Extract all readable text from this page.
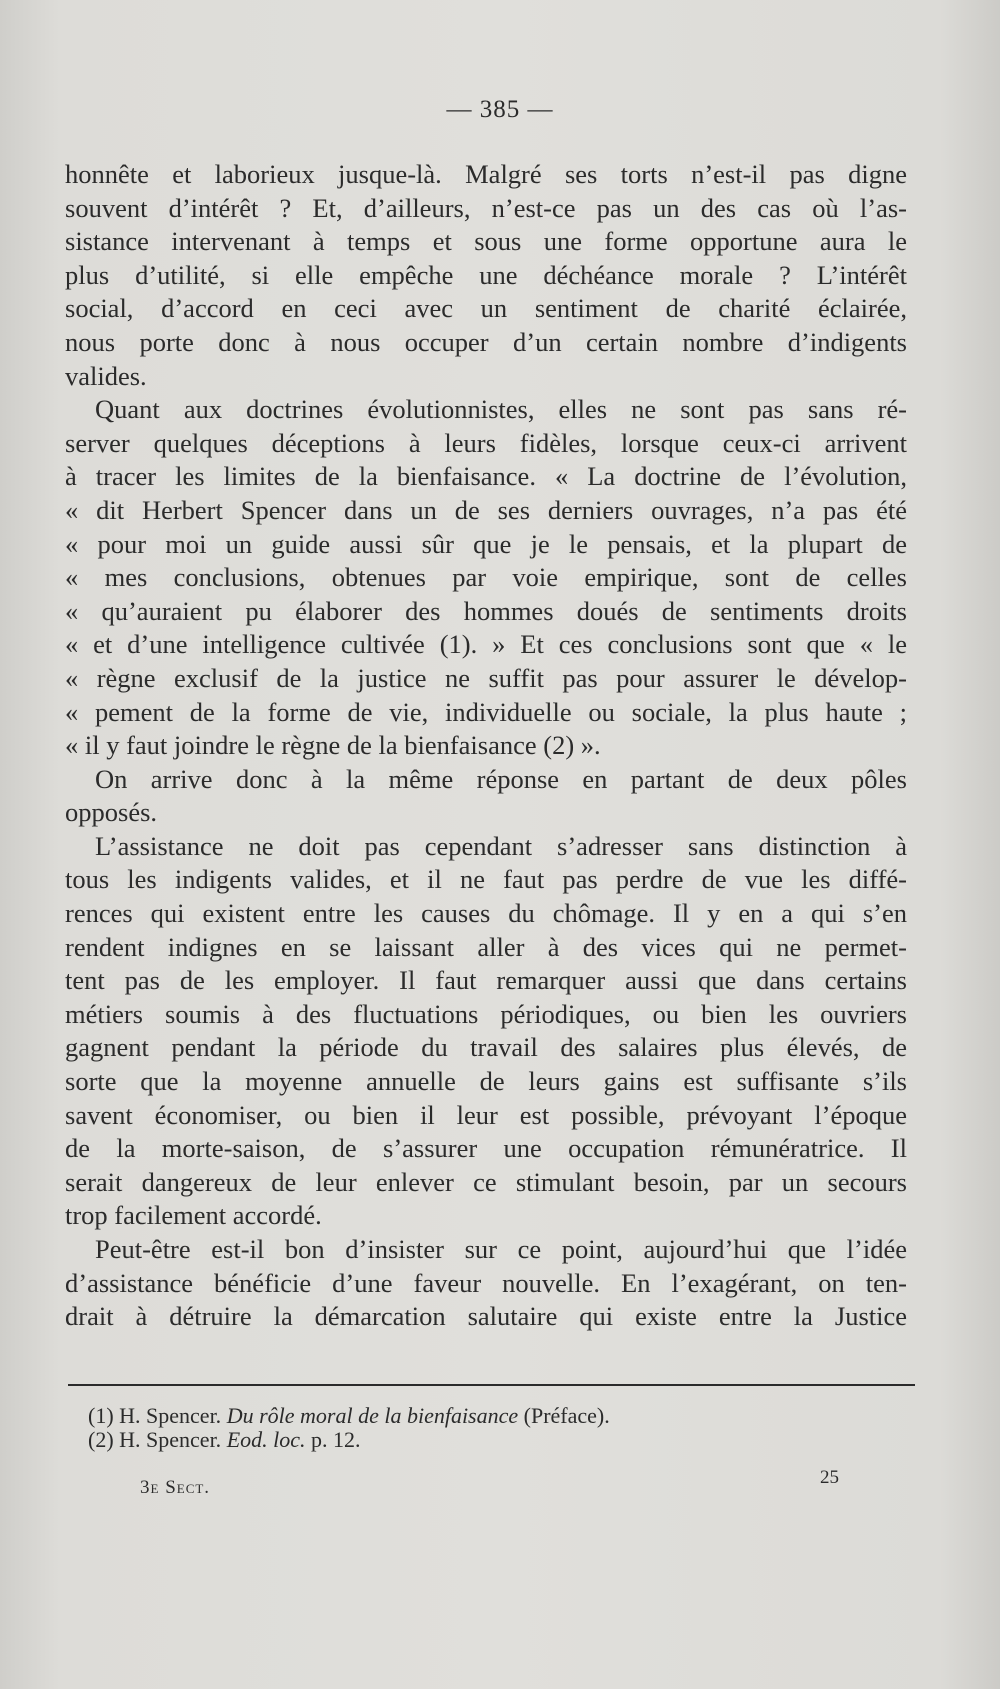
— 385 —
honnête et laborieux jusque-là. Malgré ses torts n’est-il pas digne
souvent d’intérêt ? Et, d’ailleurs, n’est-ce pas un des cas où l’as-
sistance intervenant à temps et sous une forme opportune aura le
plus d’utilité, si elle empêche une déchéance morale ? L’intérêt
social, d’accord en ceci avec un sentiment de charité éclairée,
nous porte donc à nous occuper d’un certain nombre d’indigents
valides.
Quant aux doctrines évolutionnistes, elles ne sont pas sans ré-
server quelques déceptions à leurs fidèles, lorsque ceux-ci arrivent
à tracer les limites de la bienfaisance. « La doctrine de l’évolution,
« dit Herbert Spencer dans un de ses derniers ouvrages, n’a pas été
« pour moi un guide aussi sûr que je le pensais, et la plupart de
« mes conclusions, obtenues par voie empirique, sont de celles
« qu’auraient pu élaborer des hommes doués de sentiments droits
« et d’une intelligence cultivée (1). » Et ces conclusions sont que « le
« règne exclusif de la justice ne suffit pas pour assurer le dévelop-
« pement de la forme de vie, individuelle ou sociale, la plus haute ;
« il y faut joindre le règne de la bienfaisance (2) ».
On arrive donc à la même réponse en partant de deux pôles
opposés.
L’assistance ne doit pas cependant s’adresser sans distinction à
tous les indigents valides, et il ne faut pas perdre de vue les diffé-
rences qui existent entre les causes du chômage. Il y en a qui s’en
rendent indignes en se laissant aller à des vices qui ne permet-
tent pas de les employer. Il faut remarquer aussi que dans certains
métiers soumis à des fluctuations périodiques, ou bien les ouvriers
gagnent pendant la période du travail des salaires plus élevés, de
sorte que la moyenne annuelle de leurs gains est suffisante s’ils
savent économiser, ou bien il leur est possible, prévoyant l’époque
de la morte-saison, de s’assurer une occupation rémunératrice. Il
serait dangereux de leur enlever ce stimulant besoin, par un secours
trop facilement accordé.
Peut-être est-il bon d’insister sur ce point, aujourd’hui que l’idée
d’assistance bénéficie d’une faveur nouvelle. En l’exagérant, on ten-
drait à détruire la démarcation salutaire qui existe entre la Justice
(1) H. Spencer. Du rôle moral de la bienfaisance (Préface).
(2) H. Spencer. Eod. loc. p. 12.
3e Sect.	25
